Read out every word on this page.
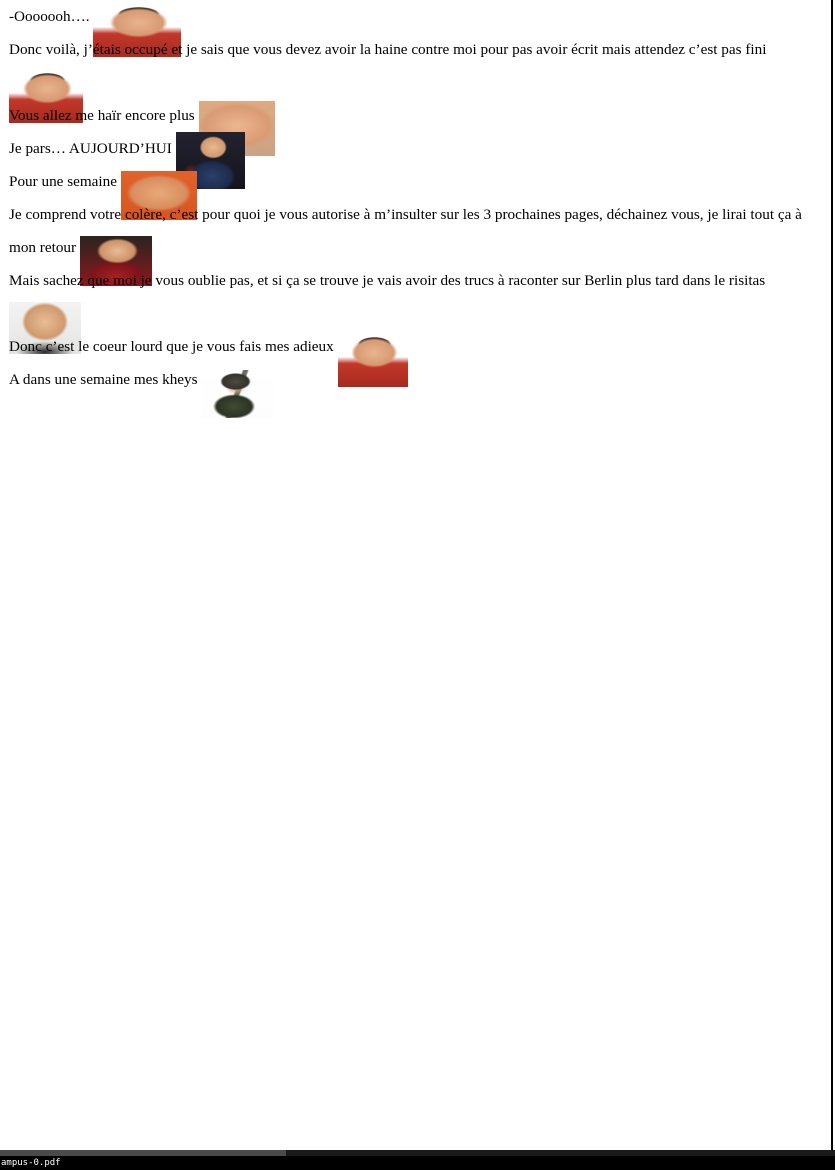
-Ooooooh….
Donc voilà, j’étais occupé et je sais que vous devez avoir la haine contre moi pour pas avoir écrit mais attendez c’est pas fini
Vous allez me haïr encore plus
Je pars… AUJOURD’HUI
Pour une semaine
Je comprend votre colère, c’est pour quoi je vous autorise à m’insulter sur les 3 prochaines pages, déchainez vous, je lirai tout ça à mon retour
Mais sachez que moi je vous oublie pas, et si ça se trouve je vais avoir des trucs à raconter sur Berlin plus tard dans le risitas
Donc c’est le coeur lourd que je vous fais mes adieux
A dans une semaine mes kheys
ampus-0.pdf
